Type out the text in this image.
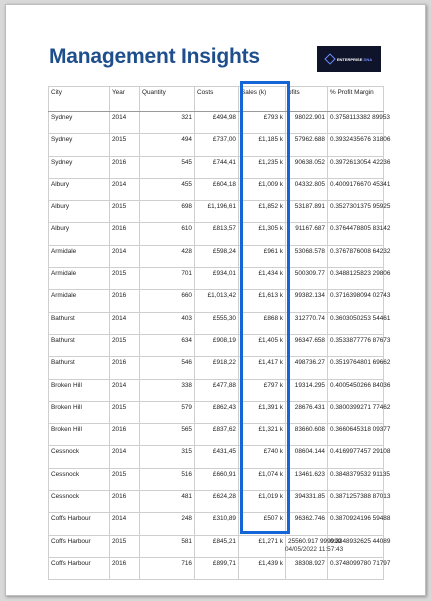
Management Insights	ENTERPRISE DNA
City	Year	Quantity	Costs	Sales (k)	ofits	% Profit Margin
Sydney	2014	321	£494,98	£793 k	98022.901	0.3758113382 89953
Sydney	2015	494	£737,00	£1,185 k	57962.688	0.3932435676 31806
Sydney	2016	545	£744,41	£1,235 k	90638.052	0.3972613054 42236
Albury	2014	455	£604,18	£1,009 k	04332.805	0.4009176670 45341
Albury	2015	698	£1,196,61	£1,852 k	53187.891	0.3527301375 95925
Albury	2016	610	£813,57	£1,305 k	91167.687	0.3764478805 83142
Armidale	2014	428	£598,24	£961 k	53068.578	0.3767876008 64232
Armidale	2015	701	£934,01	£1,434 k	500309.77	0.3488125823 29806
Armidale	2016	660	£1,013,42	£1,613 k	99382.134	0.3716398094 02743
Bathurst	2014	403	£555,30	£868 k	312770.74	0.3603050253 54461
Bathurst	2015	634	£908,19	£1,405 k	96347.658	0.3533877776 87673
Bathurst	2016	546	£918,22	£1,417 k	498736.27	0.3519764801 69662
Broken Hill	2014	338	£477,88	£797 k	19314.295	0.4005450266 84036
Broken Hill	2015	579	£862,43	£1,391 k	28676.431	0.3800399271 77462
Broken Hill	2016	565	£837,62	£1,321 k	83660.608	0.3660645318 09377
Cessnock	2014	315	£431,45	£740 k	08604.144	0.4169977457 29108
Cessnock	2015	516	£660,91	£1,074 k	13461.623	0.3848379532 91135
Cessnock	2016	481	£624,28	£1,019 k	394331.85	0.3871257388 87013
Coffs Harbour	2014	248	£310,89	£507 k	96362.746	0.3870924196 59488
Coffs Harbour	2015	581	£845,21	£1,271 k	25560.917 999999	0.3348932625 44089
Coffs Harbour	2016	716	£899,71	£1,439 k	38308.927	0.3748099780 71797
04/05/2022 11:57:43
